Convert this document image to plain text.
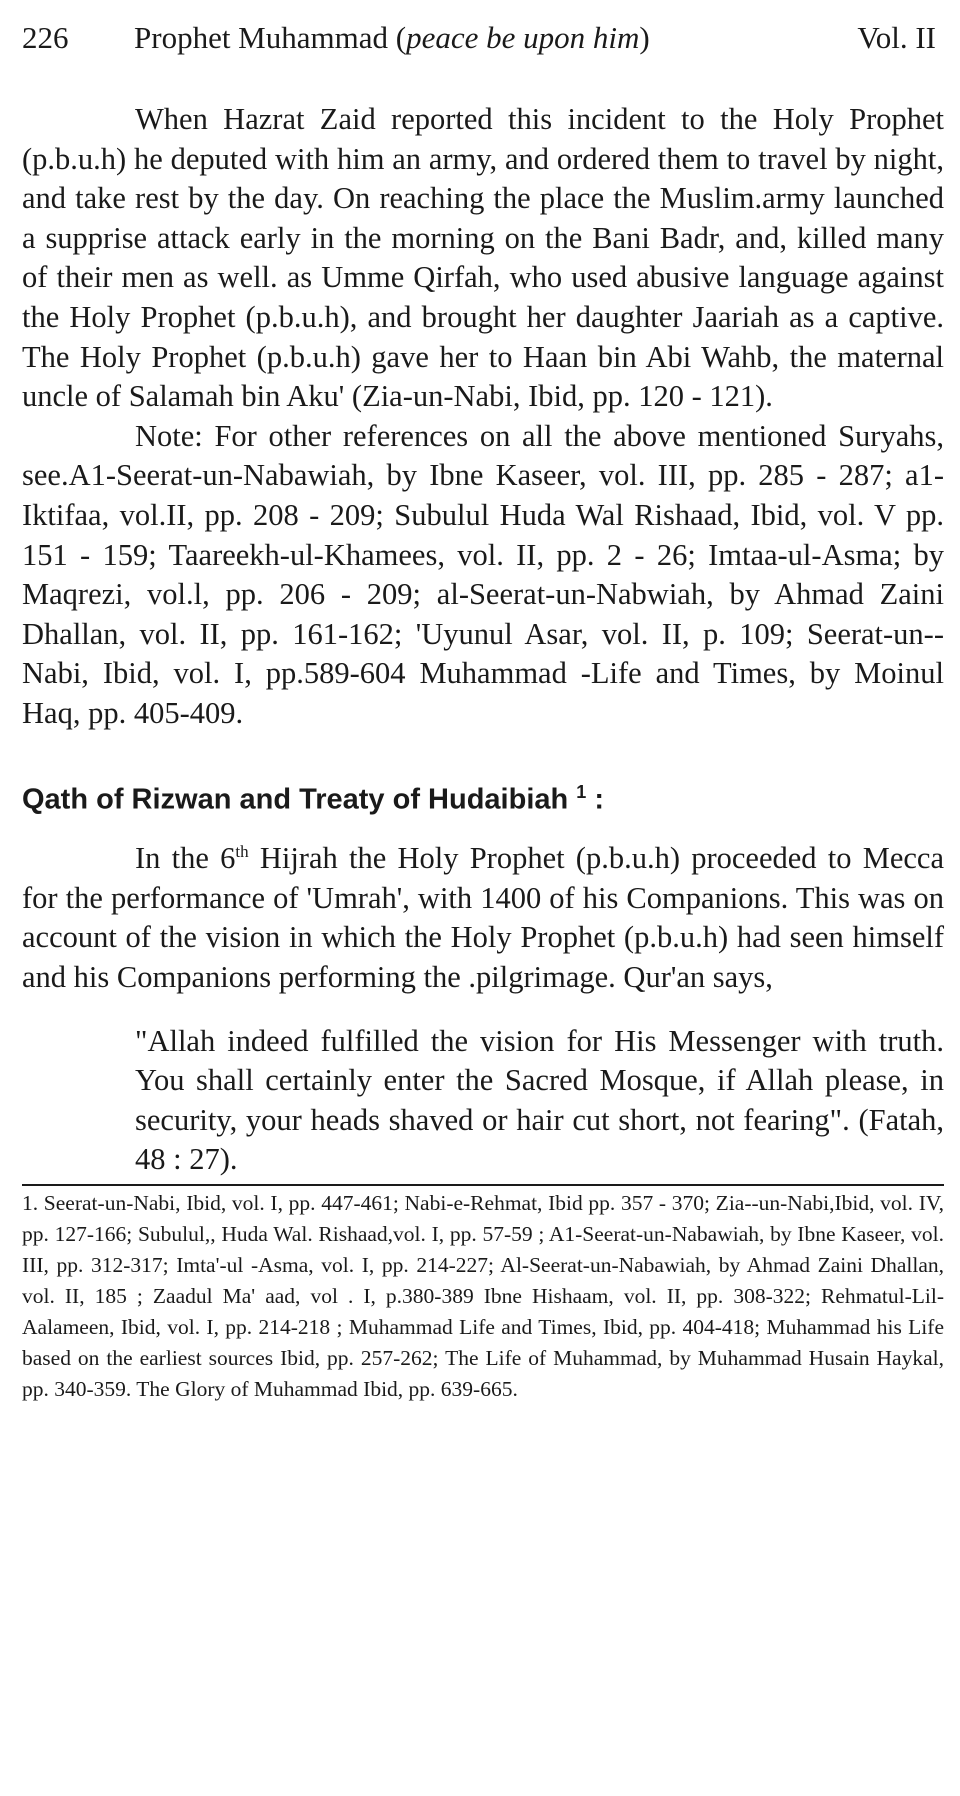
226 Prophet Muhammad (peace be upon him)	Vol. II

When Hazrat Zaid reported this incident to the Holy Prophet (p.b.u.h) he deputed with him an army, and ordered them to travel by night, and take rest by the day. On reaching the place the Muslim.army launched a supprise attack early in the morning on the Bani Badr, and, killed many of their men as well. as Umme Qirfah, who used abusive language against the Holy Prophet (p.b.u.h), and brought her daughter Jaariah as a captive. The Holy Prophet (p.b.u.h) gave her to Haan bin Abi Wahb, the maternal uncle of Salamah bin Aku' (Zia-un-Nabi, Ibid, pp. 120 - 121).

Note: For other references on all the above mentioned Suryahs, see.A1-Seerat-un-Nabawiah, by Ibne Kaseer, vol. III, pp. 285 - 287; a1-Iktifaa, vol.II, pp. 208 - 209; Subulul Huda Wal Rishaad, Ibid, vol. V pp. 151 - 159; Taareekh-ul-Khamees, vol. II, pp. 2 - 26; Imtaa-ul-Asma; by Maqrezi, vol.l, pp. 206 - 209; al-Seerat-un-Nabwiah, by Ahmad Zaini Dhallan, vol. II, pp. 161-162; 'Uyunul Asar, vol. II, p. 109; Seerat-un--Nabi, Ibid, vol. I, pp.589-604 Muhammad -Life and Times, by Moinul Haq, pp. 405-409.

Qath of Rizwan and Treaty of Hudaibiah $^1$ :

In the 6th Hijrah the Holy Prophet (p.b.u.h) proceeded to Mecca for the performance of 'Umrah', with 1400 of his Companions. This was on account of the vision in which the Holy Prophet (p.b.u.h) had seen himself and his Companions performing the .pilgrimage. Qur'an says,

"Allah indeed fulfilled the vision for His Messenger with truth. You shall certainly enter the Sacred Mosque, if Allah please, in security, your heads shaved or hair cut short, not fearing". (Fatah, 48 : 27).

1. Seerat-un-Nabi, Ibid, vol. I, pp. 447-461; Nabi-e-Rehmat, Ibid pp. 357 - 370; Zia--un-Nabi,Ibid, vol. IV, pp. 127-166; Subulul,, Huda Wal. Rishaad,vol. I, pp. 57-59 ; A1-Seerat-un-Nabawiah, by Ibne Kaseer, vol. III, pp. 312-317; Imta'-ul -Asma, vol. I, pp. 214-227; Al-Seerat-un-Nabawiah, by Ahmad Zaini Dhallan, vol. II, 185 ; Zaadul Ma' aad, vol . I, p.380-389 Ibne Hishaam, vol. II, pp. 308-322; Rehmatul-Lil-Aalameen, Ibid, vol. I, pp. 214-218 ; Muhammad Life and Times, Ibid, pp. 404-418; Muhammad his Life based on the earliest sources Ibid, pp. 257-262; The Life of Muhammad, by Muhammad Husain Haykal, pp. 340-359. The Glory of Muhammad Ibid, pp. 639-665.
